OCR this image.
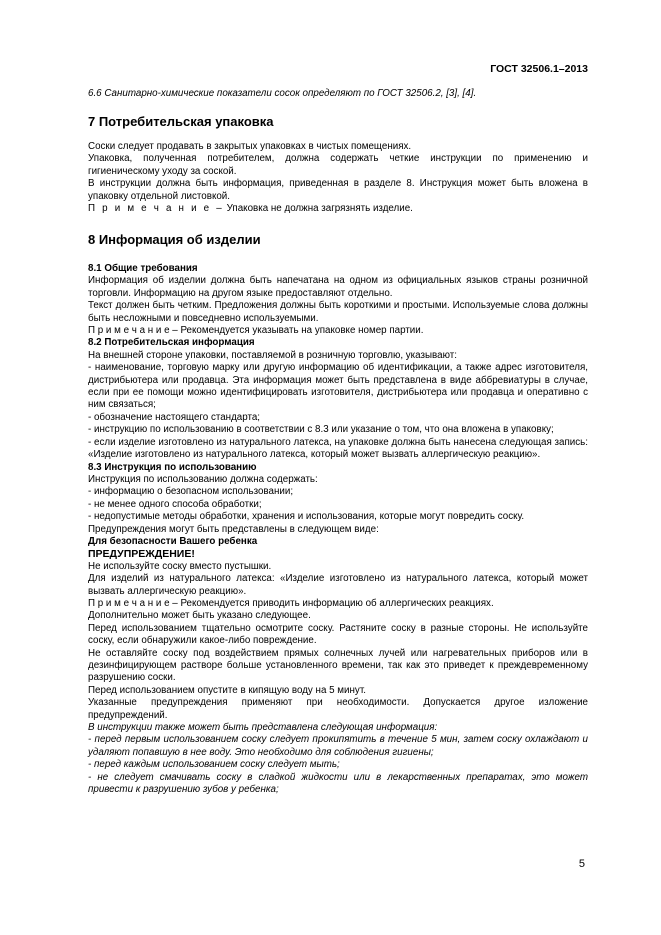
ГОСТ 32506.1–2013
6.6 Санитарно-химические показатели сосок определяют по ГОСТ 32506.2, [3], [4].
7 Потребительская упаковка
Соски следует продавать в закрытых упаковках в чистых помещениях.
Упаковка, полученная потребителем, должна содержать четкие инструкции по применению и гигиеническому уходу за соской.
В инструкции должна быть информация, приведенная в разделе 8. Инструкция может быть вложена в упаковку отдельной листовкой.
П р и м е ч а н и е – Упаковка не должна загрязнять изделие.
8 Информация об изделии
8.1 Общие требования
Информация об изделии должна быть напечатана на одном из официальных языков страны розничной торговли. Информацию на другом языке предоставляют отдельно.
Текст должен быть четким. Предложения должны быть короткими и простыми. Используемые слова должны быть несложными и повседневно используемыми.
П р и м е ч а н и е – Рекомендуется указывать на упаковке номер партии.
8.2 Потребительская информация
На внешней стороне упаковки, поставляемой в розничную торговлю, указывают:
- наименование, торговую марку или другую информацию об идентификации, а также адрес изготовителя, дистрибьютера или продавца. Эта информация может быть представлена в виде аббревиатуры в случае, если при ее помощи можно идентифицировать изготовителя, дистрибьютера или продавца и оперативно с ним связаться;
- обозначение настоящего стандарта;
- инструкцию по использованию в соответствии с 8.3 или указание о том, что она вложена в упаковку;
- если изделие изготовлено из натурального латекса, на упаковке должна быть нанесена следующая запись: «Изделие изготовлено из натурального латекса, который может вызвать аллергическую реакцию».
8.3 Инструкция по использованию
Инструкция по использованию должна содержать:
- информацию о безопасном использовании;
- не менее одного способа обработки;
- недопустимые методы обработки, хранения и использования, которые могут повредить соску.
Предупреждения могут быть представлены в следующем виде:
Для безопасности Вашего ребенка
ПРЕДУПРЕЖДЕНИЕ!
Не используйте соску вместо пустышки.
Для изделий из натурального латекса: «Изделие изготовлено из натурального латекса, который может вызвать аллергическую реакцию».
П р и м е ч а н и е – Рекомендуется приводить информацию об аллергических реакциях.
Дополнительно может быть указано следующее.
Перед использованием тщательно осмотрите соску. Растяните соску в разные стороны. Не используйте соску, если обнаружили какое-либо повреждение.
Не оставляйте соску под воздействием прямых солнечных лучей или нагревательных приборов или в дезинфицирующем растворе больше установленного времени, так как это приведет к преждевременному разрушению соски.
Перед использованием опустите в кипящую воду на 5 минут.
Указанные предупреждения применяют при необходимости. Допускается другое изложение предупреждений.
В инструкции также может быть представлена следующая информация:
- перед первым использованием соску следует прокипятить в течение 5 мин, затем соску охлаждают и удаляют попавшую в нее воду. Это необходимо для соблюдения гигиены;
- перед каждым использованием соску следует мыть;
- не следует смачивать соску в сладкой жидкости или в лекарственных препаратах, это может привести к разрушению зубов у ребенка;
5
